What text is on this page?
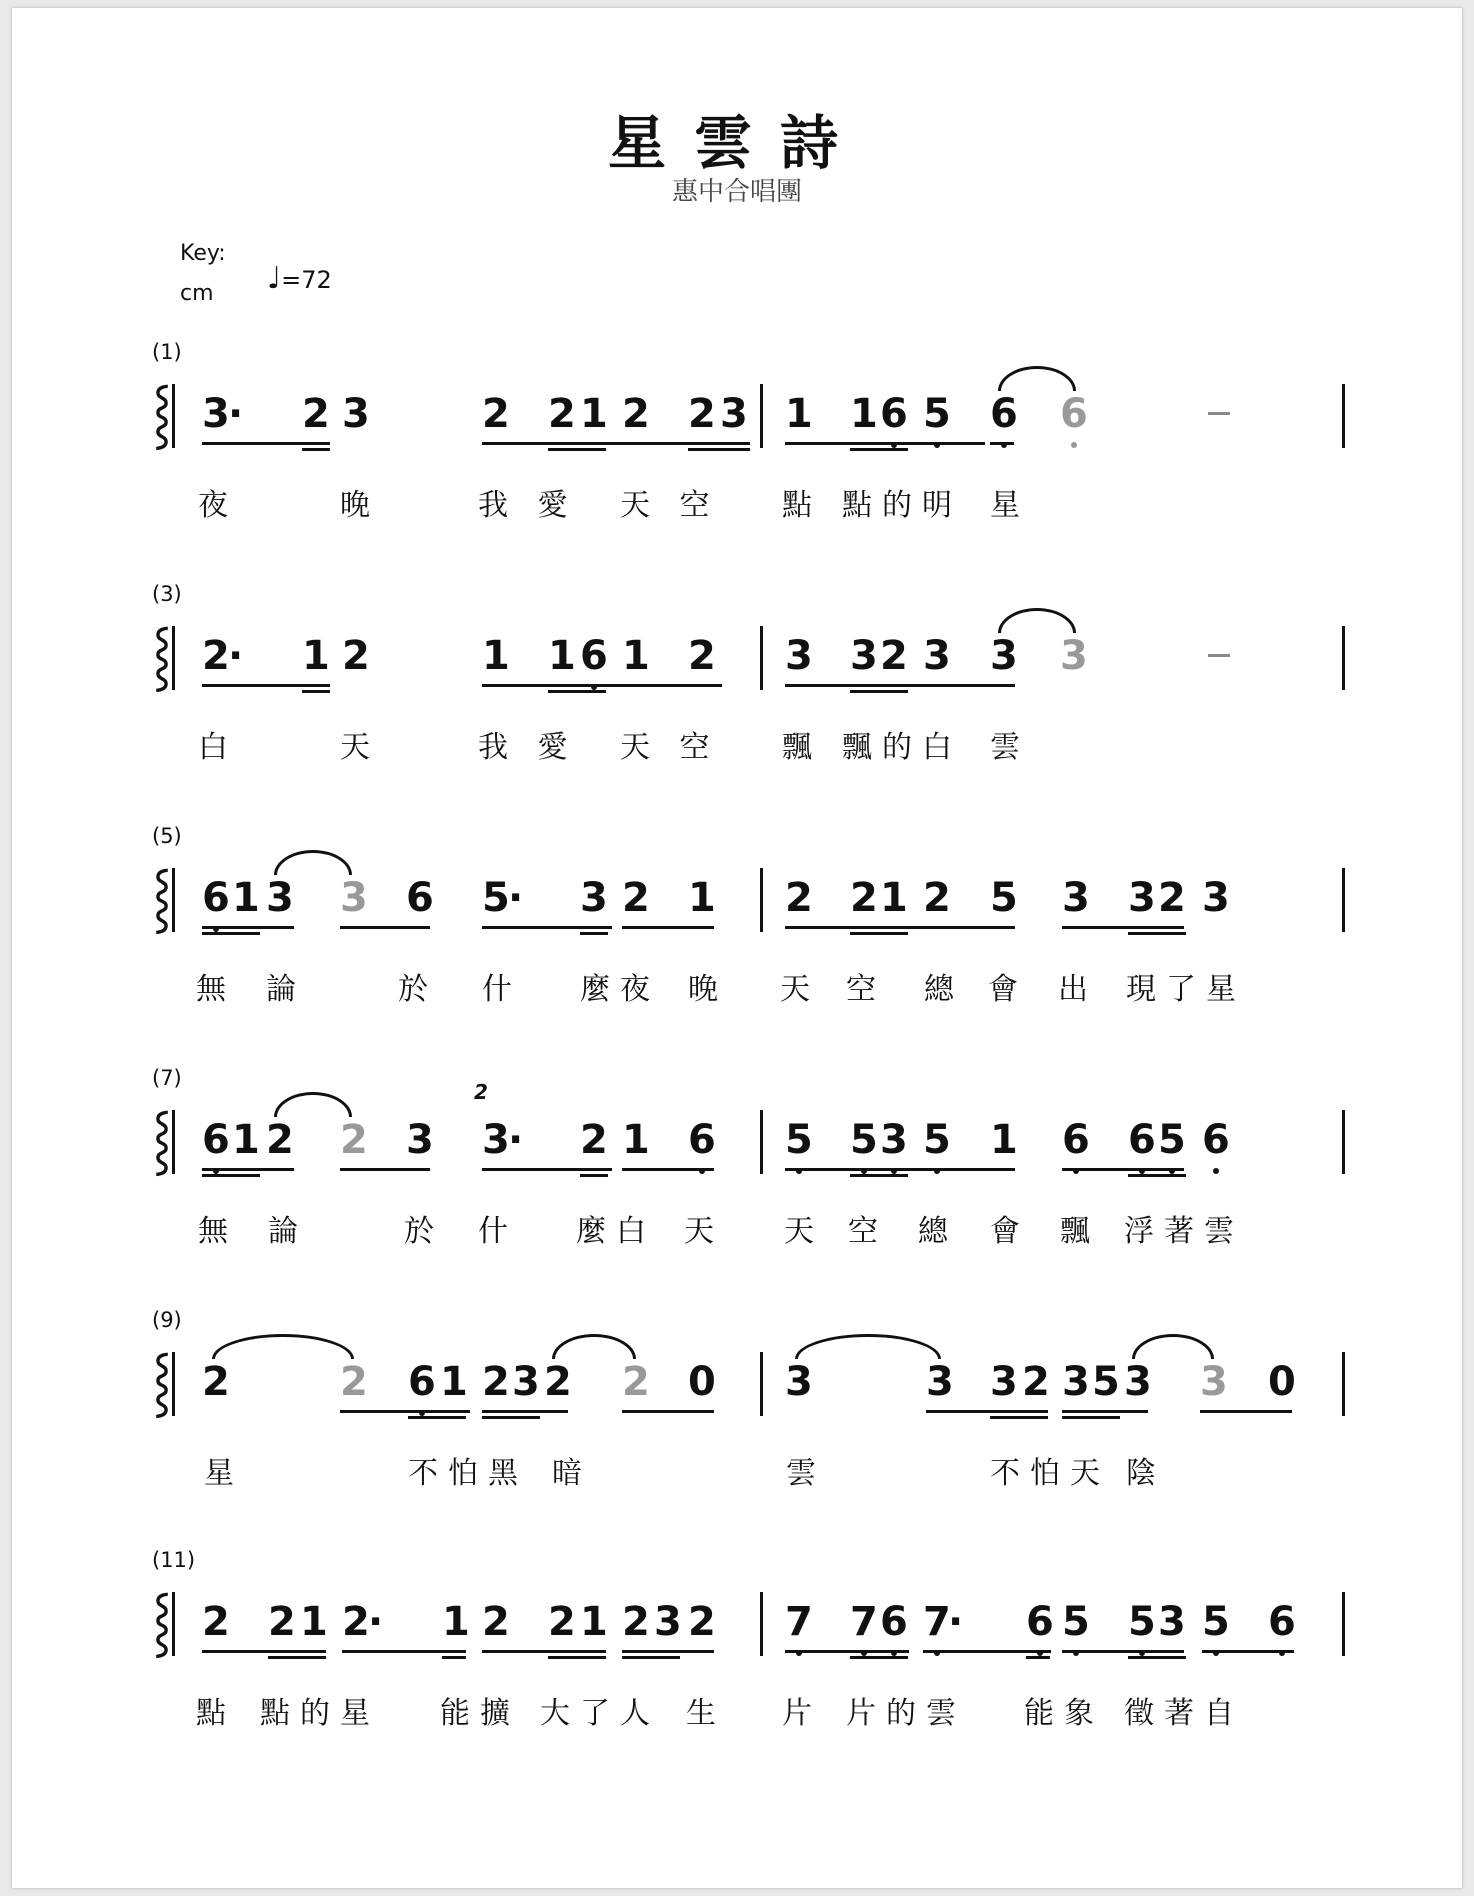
星雲詩
惠中合唱團
Key:
cm ♩=72
(1)
⸾ 3
· 2 3	2 2 1 2 2 3 1 1 6 5 6 6
夜	晚	我 愛 天 空 點 點的明 星
(3)
⸾ 2
· 1 2	1 1 6 1 2 3 3 2 3 3 3
白	天	我 愛 天 空 飄 飄的白 雲
(5)
⸾ 6 1 3 3 6 5
· 3 2 1 2 2 1 2 5 3 3 2 3
無 論	於 什 麼夜 晚 天 空 總 會 出 現了星
(7)
⸾ 6 1 2 2 3
2
3
· 2 1 6 5 5 3 5 1 6 6 5 6
無 論	於 什 麼白 天 天 空 總 會 飄 浮著雲
(9)
⸾ 2	2 6 1 2 3 2 2 0 3	3 3 2 3 5 3 3 0
星	不怕黑 暗	雲	不怕天 陰
(11)
⸾ 2 2 1 2
· 1 2 2 1 2 3 2 7 7 6 7
· 6 5 5 3 5 6
點 點的星 能擴 大了人 生 片 片的雲 能象 徵著自
